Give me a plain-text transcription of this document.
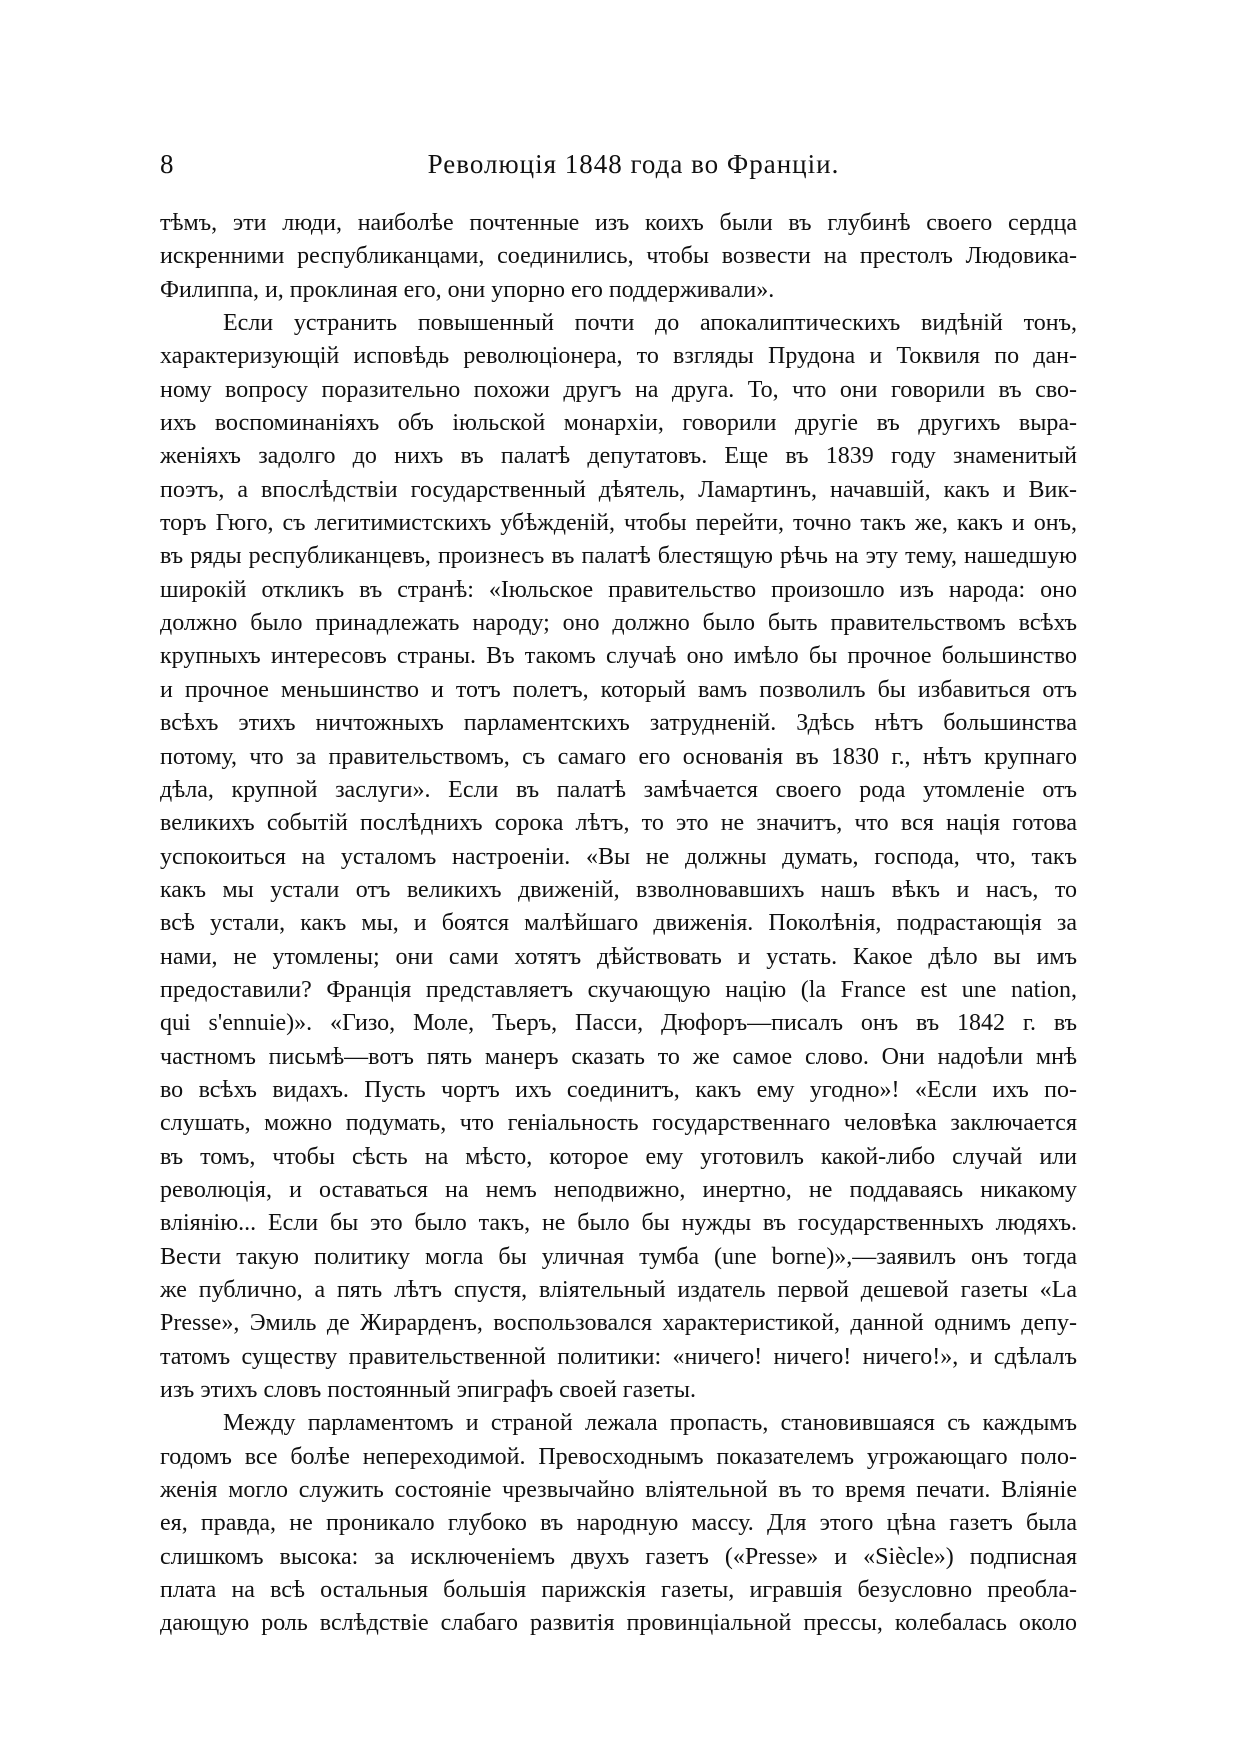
8	Революція 1848 года во Франціи.
тѣмъ, эти люди, наиболѣе почтенные изъ коихъ были въ глубинѣ своего сердца
искренними республиканцами, соединились, чтобы возвести на престолъ Людовика-
Филиппа, и, проклиная его, они упорно его поддерживали».
Если устранить повышенный почти до апокалиптическихъ видѣній тонъ,
характеризующій исповѣдь революціонера, то взгляды Прудона и Токвиля по дан-
ному вопросу поразительно похожи другъ на друга. То, что они говорили въ сво-
ихъ воспоминаніяхъ объ іюльской монархіи, говорили другіе въ другихъ выра-
женіяхъ задолго до нихъ въ палатѣ депутатовъ. Еще въ 1839 году знаменитый
поэтъ, а впослѣдствіи государственный дѣятель, Ламартинъ, начавшій, какъ и Вик-
торъ Гюго, съ легитимистскихъ убѣжденій, чтобы перейти, точно такъ же, какъ и онъ,
въ ряды республиканцевъ, произнесъ въ палатѣ блестящую рѣчь на эту тему, нашедшую
широкій откликъ въ странѣ: «Іюльское правительство произошло изъ народа: оно
должно было принадлежать народу; оно должно было быть правительствомъ всѣхъ
крупныхъ интересовъ страны. Въ такомъ случаѣ оно имѣло бы прочное большинство
и прочное меньшинство и тотъ полетъ, который вамъ позволилъ бы избавиться отъ
всѣхъ этихъ ничтожныхъ парламентскихъ затрудненій. Здѣсь нѣтъ большинства
потому, что за правительствомъ, съ самаго его основанія въ 1830 г., нѣтъ крупнаго
дѣла, крупной заслуги». Если въ палатѣ замѣчается своего рода утомленіе отъ
великихъ событій послѣднихъ сорока лѣтъ, то это не значитъ, что вся нація готова
успокоиться на усталомъ настроеніи. «Вы не должны думать, господа, что, такъ
какъ мы устали отъ великихъ движеній, взволновавшихъ нашъ вѣкъ и насъ, то
всѣ устали, какъ мы, и боятся малѣйшаго движенія. Поколѣнія, подрастающія за
нами, не утомлены; они сами хотятъ дѣйствовать и устать. Какое дѣло вы имъ
предоставили? Франція представляетъ скучающую націю (la France est une nation,
qui s'ennuie)». «Гизо, Моле, Тьеръ, Пасси, Дюфоръ—писалъ онъ въ 1842 г. въ
частномъ письмѣ—вотъ пять манеръ сказать то же самое слово. Они надоѣли мнѣ
во всѣхъ видахъ. Пусть чортъ ихъ соединитъ, какъ ему угодно»! «Если ихъ по-
слушать, можно подумать, что геніальность государственнаго человѣка заключается
въ томъ, чтобы сѣсть на мѣсто, которое ему уготовилъ какой-либо случай или
революція, и оставаться на немъ неподвижно, инертно, не поддаваясь никакому
вліянію... Если бы это было такъ, не было бы нужды въ государственныхъ людяхъ.
Вести такую политику могла бы уличная тумба (une borne)»,—заявилъ онъ тогда
же публично, а пять лѣтъ спустя, вліятельный издатель первой дешевой газеты «La
Presse», Эмиль де Жирарденъ, воспользовался характеристикой, данной однимъ депу-
татомъ существу правительственной политики: «ничего! ничего! ничего!», и сдѣлалъ
изъ этихъ словъ постоянный эпиграфъ своей газеты.
Между парламентомъ и страной лежала пропасть, становившаяся съ каждымъ
годомъ все болѣе непереходимой. Превосходнымъ показателемъ угрожающаго поло-
женія могло служить состояніе чрезвычайно вліятельной въ то время печати. Вліяніе
ея, правда, не проникало глубоко въ народную массу. Для этого цѣна газетъ была
слишкомъ высока: за исключеніемъ двухъ газетъ («Presse» и «Siècle») подписная
плата на всѣ остальныя большія парижскія газеты, игравшія безусловно преобла-
дающую роль вслѣдствіе слабаго развитія провинціальной прессы, колебалась около
